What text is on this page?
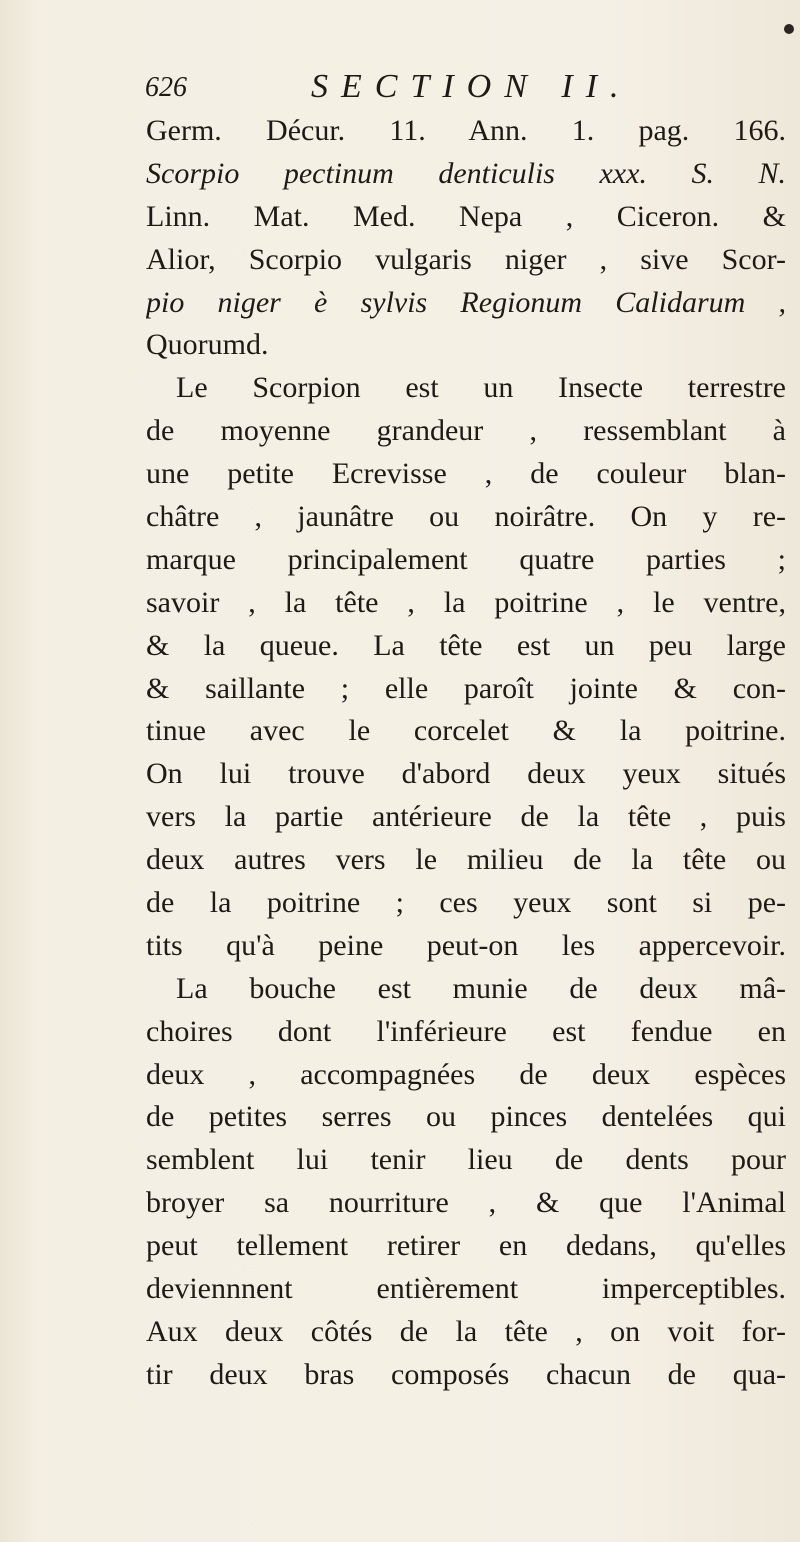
626	SECTION II.
Germ. Décur. 11. Ann. 1. pag. 166.
Scorpio pectinum denticulis xxx. S. N.
Linn. Mat. Med. Nepa , Ciceron. &
Alior, Scorpio vulgaris niger , sive Scor-
pio niger è sylvis Regionum Calidarum ,
Quorumd.
Le Scorpion est un Insecte terrestre
de moyenne grandeur , ressemblant à
une petite Ecrevisse , de couleur blan-
châtre , jaunâtre ou noirâtre. On y re-
marque principalement quatre parties ;
savoir , la tête , la poitrine , le ventre,
& la queue. La tête est un peu large
& saillante ; elle paroît jointe & con-
tinue avec le corcelet & la poitrine.
On lui trouve d'abord deux yeux situés
vers la partie antérieure de la tête , puis
deux autres vers le milieu de la tête ou
de la poitrine ; ces yeux sont si pe-
tits qu'à peine peut-on les appercevoir.
La bouche est munie de deux mâ-
choires dont l'inférieure est fendue en
deux , accompagnées de deux espèces
de petites serres ou pinces dentelées qui
semblent lui tenir lieu de dents pour
broyer sa nourriture , & que l'Animal
peut tellement retirer en dedans, qu'elles
deviennnent entièrement imperceptibles.
Aux deux côtés de la tête , on voit for-
tir deux bras composés chacun de qua-
